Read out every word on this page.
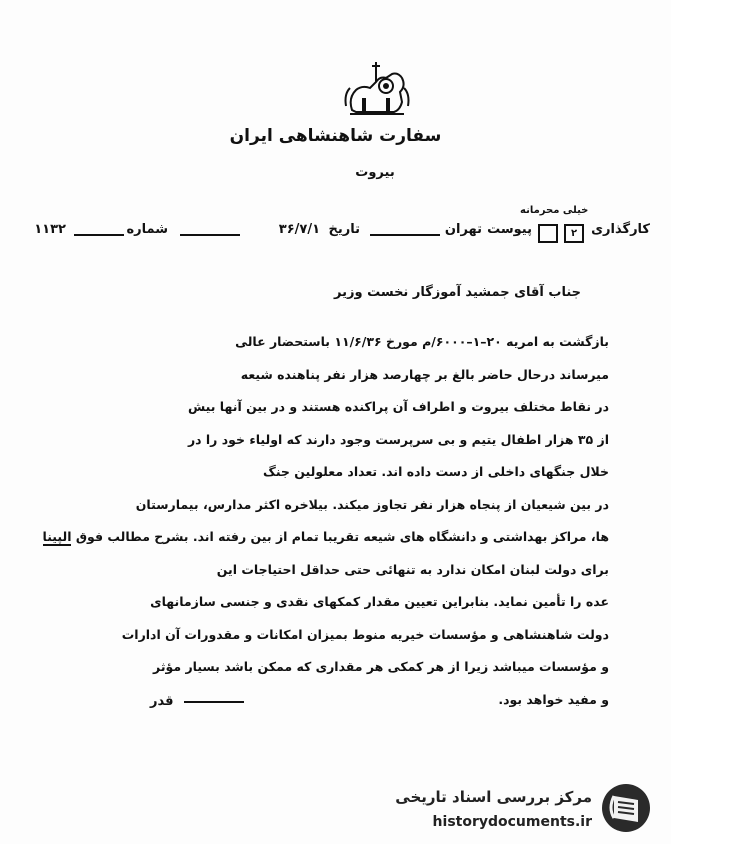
سفارت شاهنشاهی ایران
بیروت
خیلی محرمانه
کارگذاری
۲
پیوست
تهران
تاریخ
۳۶/۷/۱
شماره
۱۱۳۲
جناب آقای جمشید آموزگار نخست وزیر
بازگشت به امریه ۲۰–۱–۶۰۰۰/م مورخ ۱۱/۶/۳۶ باستحضار عالی
میرساند درحال حاضر بالغ بر چهارصد هزار نفر پناهنده شیعه
در نقاط مختلف بیروت و اطراف آن پراکنده هستند و در بین آنها بیش
از ۳۵ هزار اطفال یتیم و بی سرپرست وجود دارند که اولیاء خود را در
خلال جنگهای داخلی از دست داده اند. تعداد معلولین جنگ
در بین شیعیان از پنجاه هزار نفر تجاوز میکند. بیلاخره اکثر مدارس، بیمارستان
ها، مراکز بهداشتی و دانشگاه های شیعه تقریبا تمام از بین رفته اند. بشرح مطالب فوق الپینا
برای دولت لبنان امکان ندارد به تنهائی حتی حداقل احتیاجات این
عده را تأمین نماید. بنابراین تعیین مقدار کمکهای نقدی و جنسی سازمانهای
دولت شاهنشاهی و مؤسسات خیریه منوط بمیزان امکانات و مقدورات آن ادارات
و مؤسسات میباشد زیرا از هر کمکی هر مقداری که ممکن باشد بسیار مؤثر
و مفید خواهد بود.
قدر
مرکز بررسی اسناد تاریخی
historydocuments.ir
